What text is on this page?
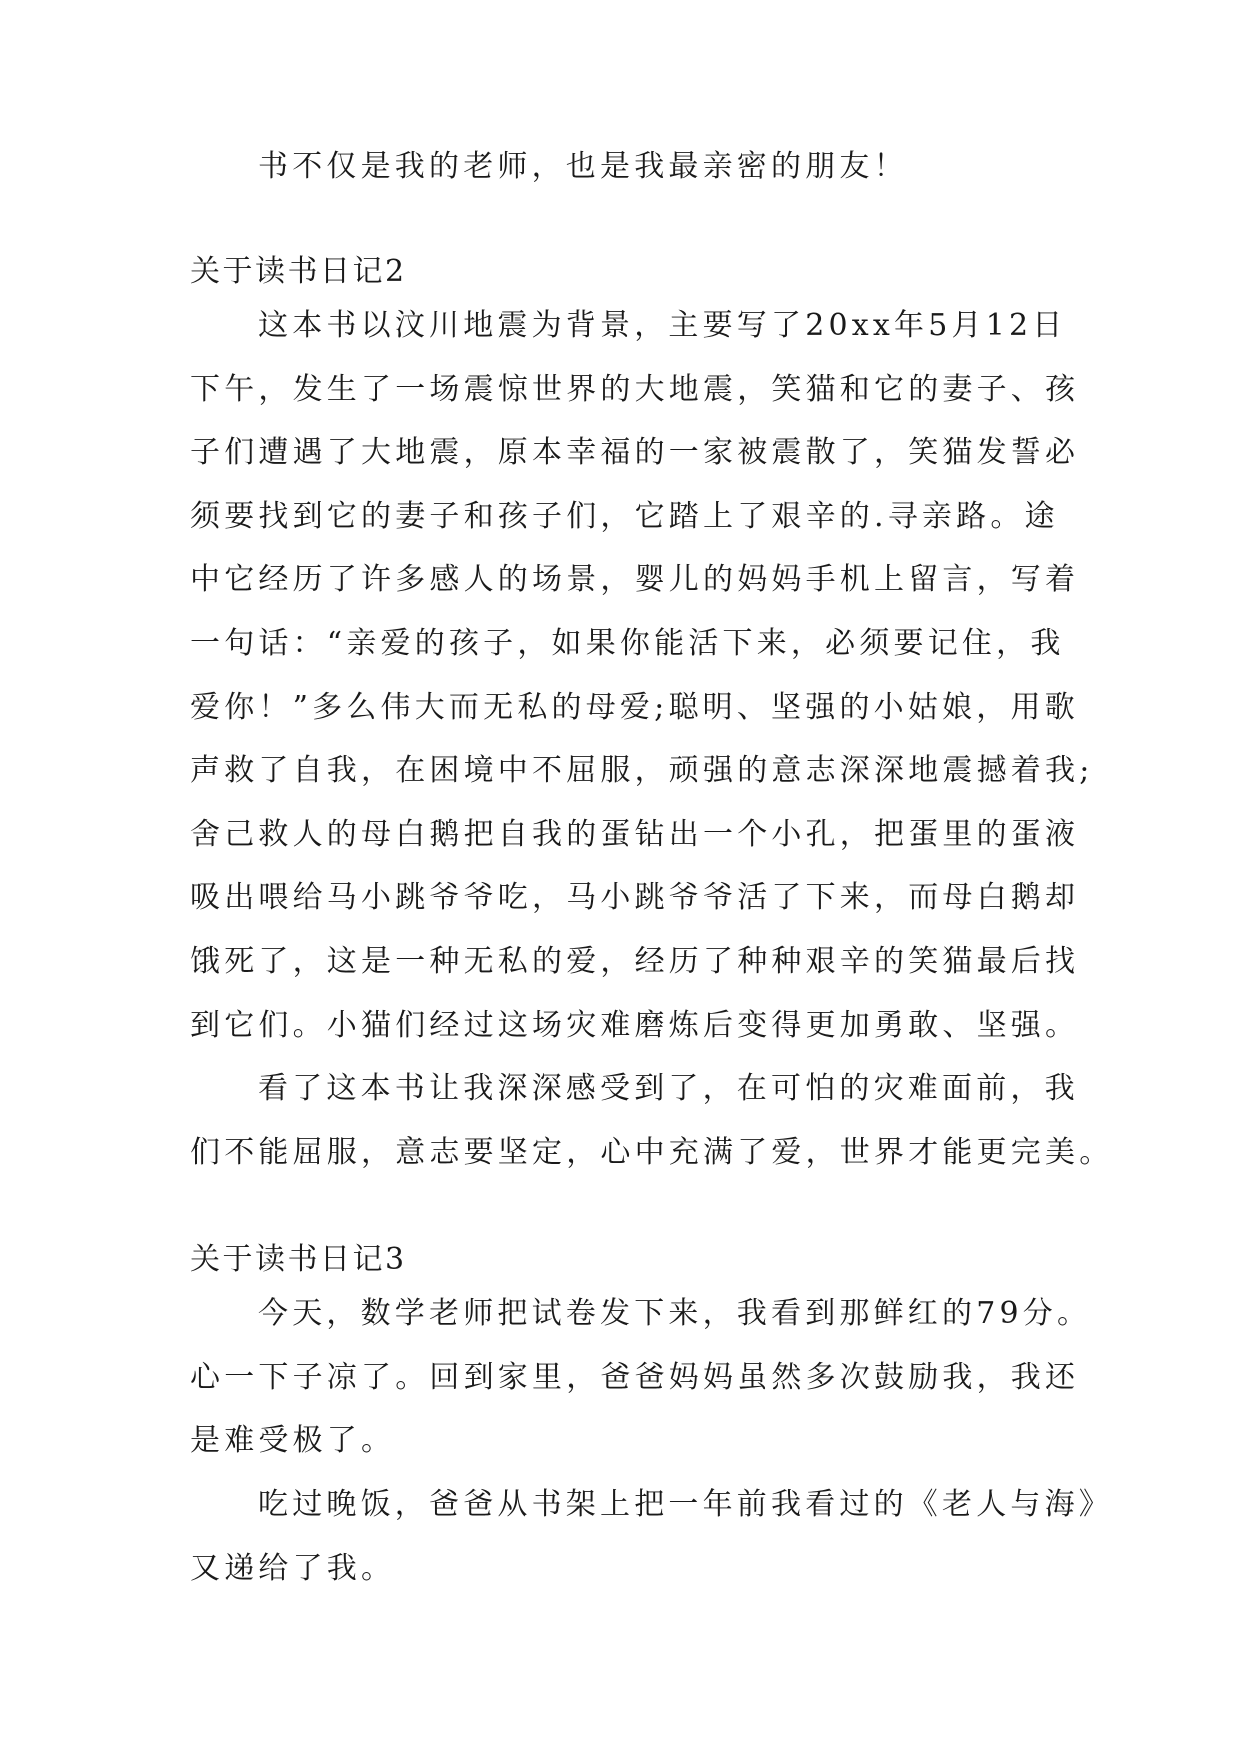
书不仅是我的老师，也是我最亲密的朋友！
关于读书日记2
这本书以汶川地震为背景，主要写了20xx年5月12日
下午，发生了一场震惊世界的大地震，笑猫和它的妻子、孩
子们遭遇了大地震，原本幸福的一家被震散了，笑猫发誓必
须要找到它的妻子和孩子们，它踏上了艰辛的.寻亲路。途
中它经历了许多感人的场景，婴儿的妈妈手机上留言，写着
一句话：“亲爱的孩子，如果你能活下来，必须要记住，我
爱你！”多么伟大而无私的母爱;聪明、坚强的小姑娘，用歌
声救了自我，在困境中不屈服，顽强的意志深深地震撼着我;
舍己救人的母白鹅把自我的蛋钻出一个小孔，把蛋里的蛋液
吸出喂给马小跳爷爷吃，马小跳爷爷活了下来，而母白鹅却
饿死了，这是一种无私的爱，经历了种种艰辛的笑猫最后找
到它们。小猫们经过这场灾难磨炼后变得更加勇敢、坚强。
看了这本书让我深深感受到了，在可怕的灾难面前，我
们不能屈服，意志要坚定，心中充满了爱，世界才能更完美。
关于读书日记3
今天，数学老师把试卷发下来，我看到那鲜红的79分。
心一下子凉了。回到家里，爸爸妈妈虽然多次鼓励我，我还
是难受极了。
吃过晚饭，爸爸从书架上把一年前我看过的《老人与海》
又递给了我。
